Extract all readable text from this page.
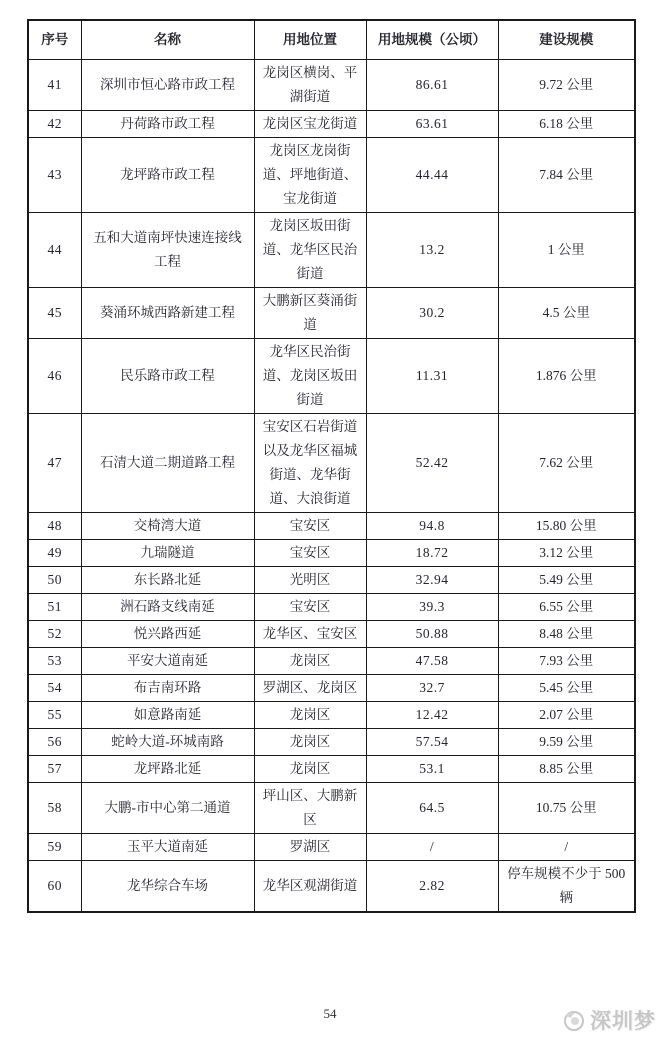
序号	名称	用地位置	用地规模（公顷）	建设规模
41	深圳市恒心路市政工程	龙岗区横岗、平湖街道	86.61	9.72 公里
42	丹荷路市政工程	龙岗区宝龙街道	63.61	6.18 公里
43	龙坪路市政工程	龙岗区龙岗街道、坪地街道、宝龙街道	44.44	7.84 公里
44	五和大道南坪快速连接线工程	龙岗区坂田街道、龙华区民治街道	13.2	1 公里
45	葵涌环城西路新建工程	大鹏新区葵涌街道	30.2	4.5 公里
46	民乐路市政工程	龙华区民治街道、龙岗区坂田街道	11.31	1.876 公里
47	石清大道二期道路工程	宝安区石岩街道以及龙华区福城街道、龙华街道、大浪街道	52.42	7.62 公里
48	交椅湾大道	宝安区	94.8	15.80 公里
49	九瑞隧道	宝安区	18.72	3.12 公里
50	东长路北延	光明区	32.94	5.49 公里
51	洲石路支线南延	宝安区	39.3	6.55 公里
52	悦兴路西延	龙华区、宝安区	50.88	8.48 公里
53	平安大道南延	龙岗区	47.58	7.93 公里
54	布吉南环路	罗湖区、龙岗区	32.7	5.45 公里
55	如意路南延	龙岗区	12.42	2.07 公里
56	蛇岭大道-环城南路	龙岗区	57.54	9.59 公里
57	龙坪路北延	龙岗区	53.1	8.85 公里
58	大鹏-市中心第二通道	坪山区、大鹏新区	64.5	10.75 公里
59	玉平大道南延	罗湖区	/	/
60	龙华综合车场	龙华区观湖街道	2.82	停车规模不少于 500 辆
54	深圳梦
